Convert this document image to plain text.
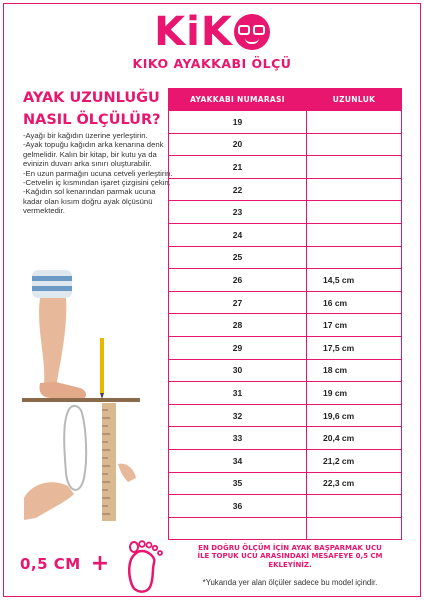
KiK
KIKO AYAKKABI ÖLÇÜ
AYAK UZUNLUĞU
NASIL ÖLÇÜLÜR?

-Ayağı bir kağıdın üzerine yerleştirin.

-Ayak topuğu kağıdın arka kenarına denk gelmelidir. Kalın bir kitap, bir kutu ya da evinizin duvarı arka sınırı oluşturabilir.

-En uzun parmağın ucuna cetveli yerleştirin.

-Cetvelin iç kısmından işaret çizgisini çekin.

-Kağıdın sol kenarından parmak ucuna kadar olan kısım doğru ayak ölçüsünü vermektedir.

AYAKKABI NUMARASI	UZUNLUK
19	
20	
21	
22	
23	
24	
25	
26	14,5 cm
27	16 cm
28	17 cm
29	17,5 cm
30	18 cm
31	19 cm
32	19,6 cm
33	20,4 cm
34	21,2 cm
35	22,3 cm
36	

0,5 CM +
EN DOĞRU ÖLÇÜM İÇİN AYAK BAŞPARMAK UCU
İLE TOPUK UCU ARASINDAKİ MESAFEYE 0,5 CM
EKLEYİNİZ.
*Yukarıda yer alan ölçüler sadece bu model içindir.
